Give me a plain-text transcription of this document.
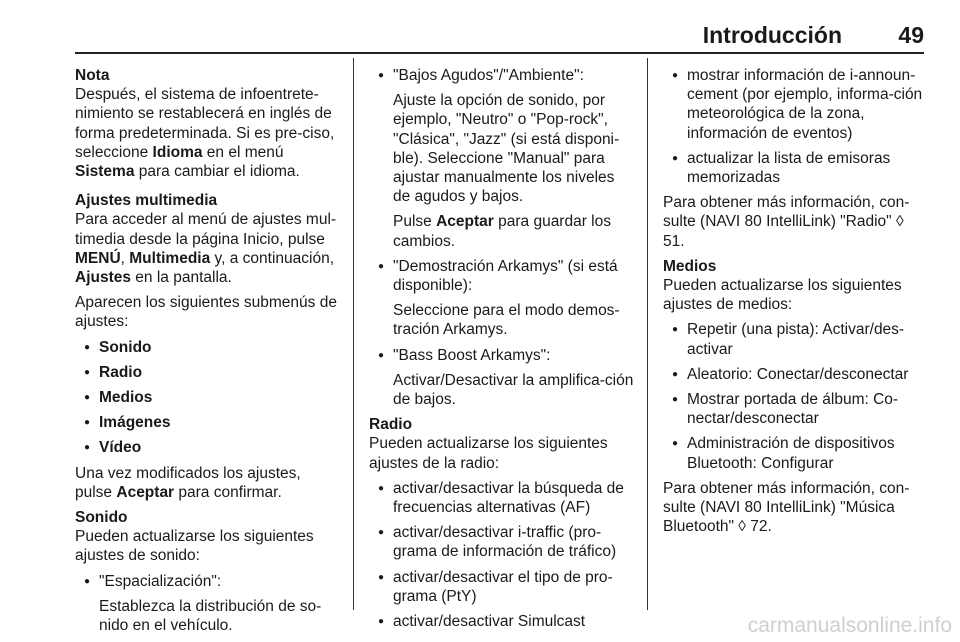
Introducción 49

Nota

Después, el sistema de infoentrete-nimiento se restablecerá en inglés de forma predeterminada. Si es pre-ciso, seleccione Idioma en el menú Sistema para cambiar el idioma.

Ajustes multimedia

Para acceder al menú de ajustes mul-timedia desde la página Inicio, pulse MENÚ, Multimedia y, a continuación, Ajustes en la pantalla.

Aparecen los siguientes submenús de ajustes:

● Sonido
● Radio
● Medios
● Imágenes
● Vídeo

Una vez modificados los ajustes, pulse Aceptar para confirmar.

Sonido

Pueden actualizarse los siguientes ajustes de sonido:

● "Espacialización":

Establezca la distribución de so-nido en el vehículo.

● "Bajos Agudos"/"Ambiente":

Ajuste la opción de sonido, por ejemplo, "Neutro" o "Pop-rock", "Clásica", "Jazz" (si está disponi-ble). Seleccione "Manual" para ajustar manualmente los niveles de agudos y bajos.

Pulse Aceptar para guardar los cambios.

● "Demostración Arkamys" (si está disponible):

Seleccione para el modo demos-tración Arkamys.

● "Bass Boost Arkamys":

Activar/Desactivar la amplifica-ción de bajos.

Radio

Pueden actualizarse los siguientes ajustes de la radio:

● activar/desactivar la búsqueda de frecuencias alternativas (AF)
● activar/desactivar i-traffic (pro-grama de información de tráfico)
● activar/desactivar el tipo de pro-grama (PtY)
● activar/desactivar Simulcast
● mostrar información de i-announ-cement (por ejemplo, informa-ción meteorológica de la zona, información de eventos)
● actualizar la lista de emisoras memorizadas

Para obtener más información, con-sulte (NAVI 80 IntelliLink) "Radio" ◊ 51.

Medios

Pueden actualizarse los siguientes ajustes de medios:

● Repetir (una pista): Activar/des-activar
● Aleatorio: Conectar/desconectar
● Mostrar portada de álbum: Co-nectar/desconectar
● Administración de dispositivos Bluetooth: Configurar

Para obtener más información, con-sulte (NAVI 80 IntelliLink) "Música Bluetooth" ◊ 72.

carmanualsonline.info
